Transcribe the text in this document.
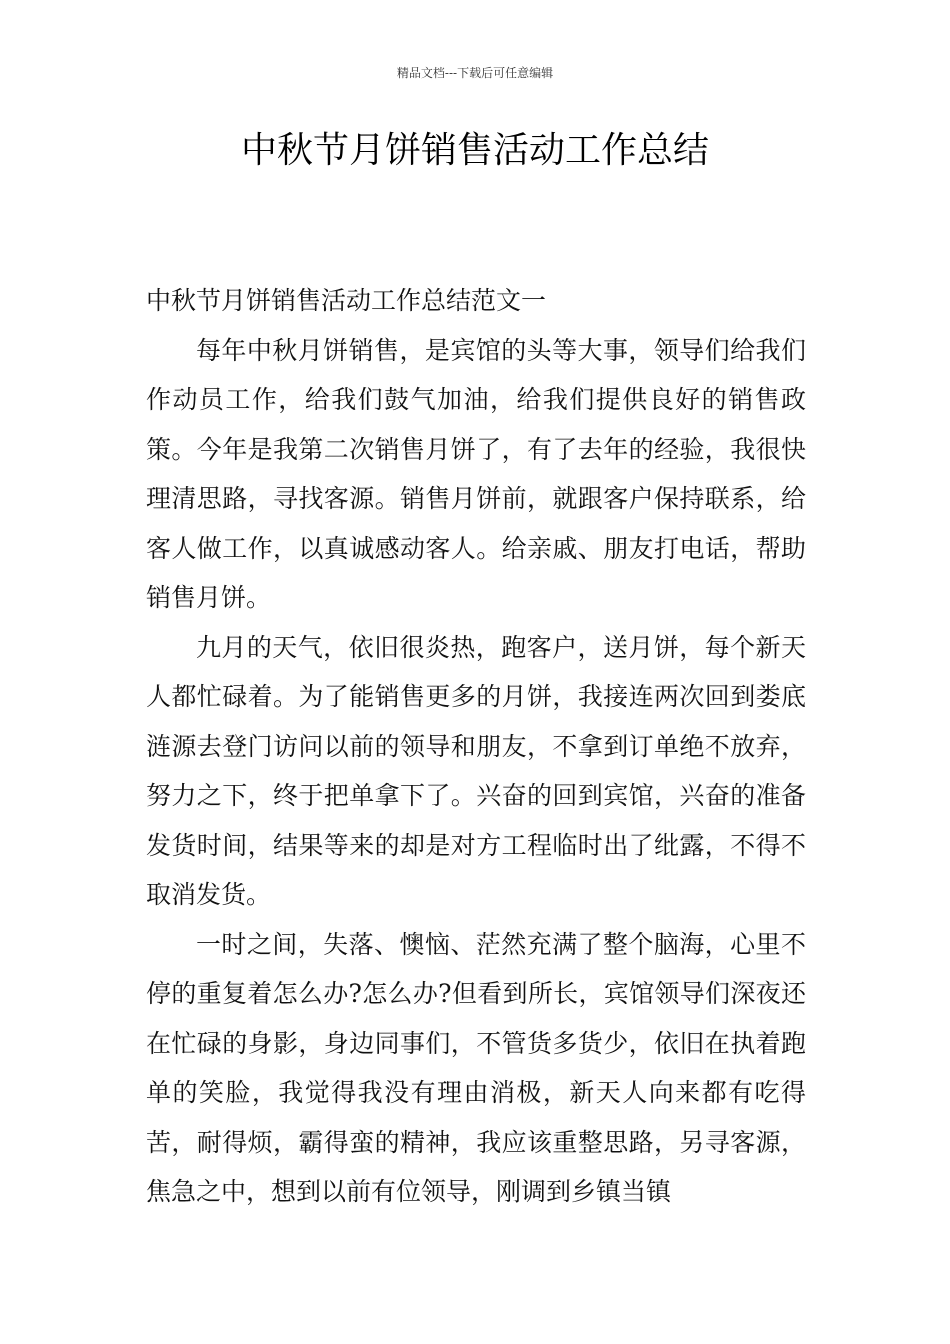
精品文档---下载后可任意编辑
中秋节月饼销售活动工作总结

中秋节月饼销售活动工作总结范文一

每年中秋月饼销售，是宾馆的头等大事，领导们给我们作动员工作，给我们鼓气加油，给我们提供良好的销售政策。今年是我第二次销售月饼了，有了去年的经验，我很快理清思路，寻找客源。销售月饼前，就跟客户保持联系，给客人做工作，以真诚感动客人。给亲戚、朋友打电话，帮助销售月饼。

九月的天气，依旧很炎热，跑客户，送月饼，每个新天人都忙碌着。为了能销售更多的月饼，我接连两次回到娄底涟源去登门访问以前的领导和朋友，不拿到订单绝不放弃，努力之下，终于把单拿下了。兴奋的回到宾馆，兴奋的准备发货时间，结果等来的却是对方工程临时出了纰露，不得不取消发货。

一时之间，失落、懊恼、茫然充满了整个脑海，心里不停的重复着怎么办?怎么办?但看到所长，宾馆领导们深夜还在忙碌的身影，身边同事们，不管货多货少，依旧在执着跑单的笑脸，我觉得我没有理由消极，新天人向来都有吃得苦，耐得烦，霸得蛮的精神，我应该重整思路，另寻客源，焦急之中，想到以前有位领导，刚调到乡镇当镇
